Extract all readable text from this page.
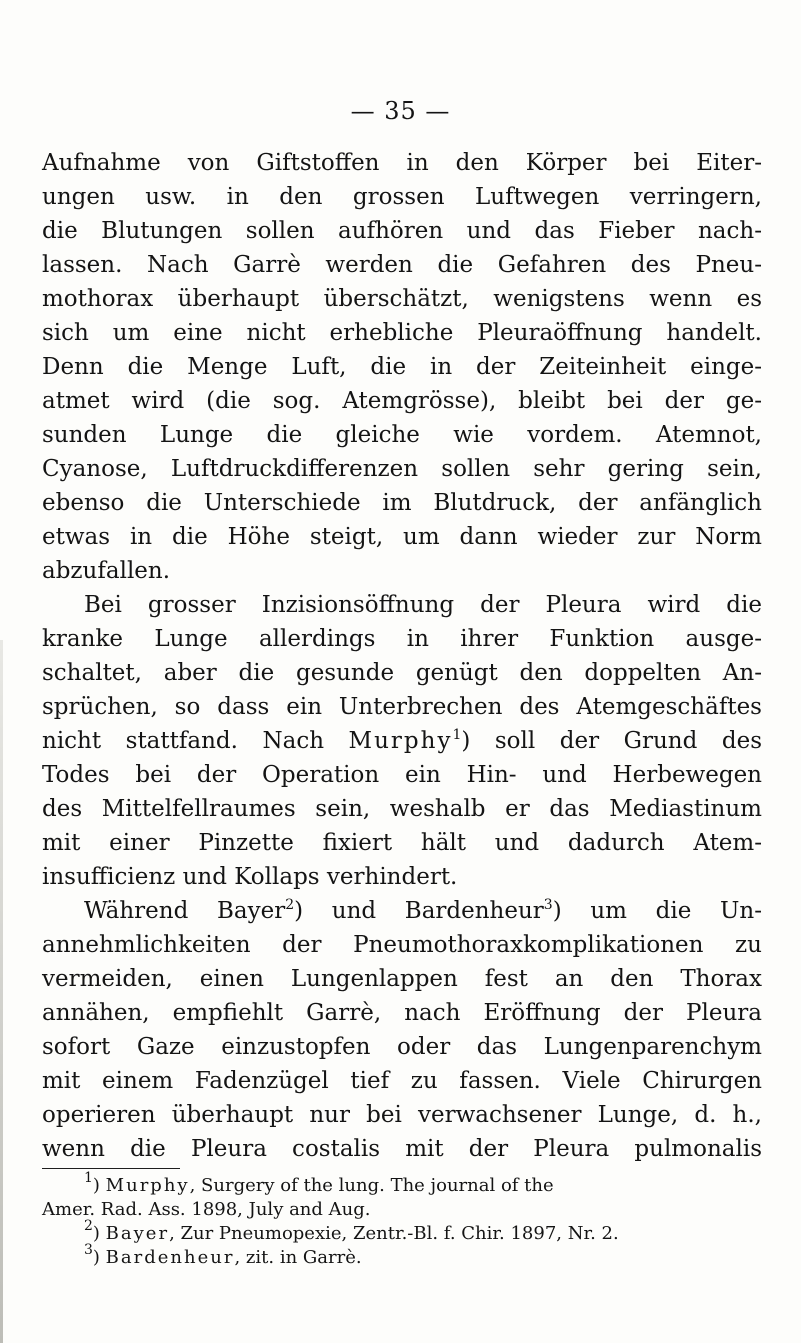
— 35 —
Aufnahme von Giftstoffen in den Körper bei Eiter-
ungen usw. in den grossen Luftwegen verringern,
die Blutungen sollen aufhören und das Fieber nach-
lassen. Nach Garrè werden die Gefahren des Pneu-
mothorax überhaupt überschätzt, wenigstens wenn es
sich um eine nicht erhebliche Pleuraöffnung handelt.
Denn die Menge Luft, die in der Zeiteinheit einge-
atmet wird (die sog. Atemgrösse), bleibt bei der ge-
sunden Lunge die gleiche wie vordem. Atemnot,
Cyanose, Luftdruckdifferenzen sollen sehr gering sein,
ebenso die Unterschiede im Blutdruck, der anfänglich
etwas in die Höhe steigt, um dann wieder zur Norm
abzufallen.
Bei grosser Inzisionsöffnung der Pleura wird die
kranke Lunge allerdings in ihrer Funktion ausge-
schaltet, aber die gesunde genügt den doppelten An-
sprüchen, so dass ein Unterbrechen des Atemgeschäftes
nicht stattfand. Nach Murphy$^1$) soll der Grund des
Todes bei der Operation ein Hin- und Herbewegen
des Mittelfellraumes sein, weshalb er das Mediastinum
mit einer Pinzette fixiert hält und dadurch Atem-
insufficienz und Kollaps verhindert.
Während Bayer$^2$) und Bardenheur$^3$) um die Un-
annehmlichkeiten der Pneumothoraxkomplikationen zu
vermeiden, einen Lungenlappen fest an den Thorax
annähen, empfiehlt Garrè, nach Eröffnung der Pleura
sofort Gaze einzustopfen oder das Lungenparenchym
mit einem Fadenzügel tief zu fassen. Viele Chirurgen
operieren überhaupt nur bei verwachsener Lunge, d. h.,
wenn die Pleura costalis mit der Pleura pulmonalis
$^1$) Murphy, Surgery of the lung. The journal of the
Amer. Rad. Ass. 1898, July and Aug.
$^2$) Bayer, Zur Pneumopexie, Zentr.-Bl. f. Chir. 1897, Nr. 2.
$^3$) Bardenheur, zit. in Garrè.
